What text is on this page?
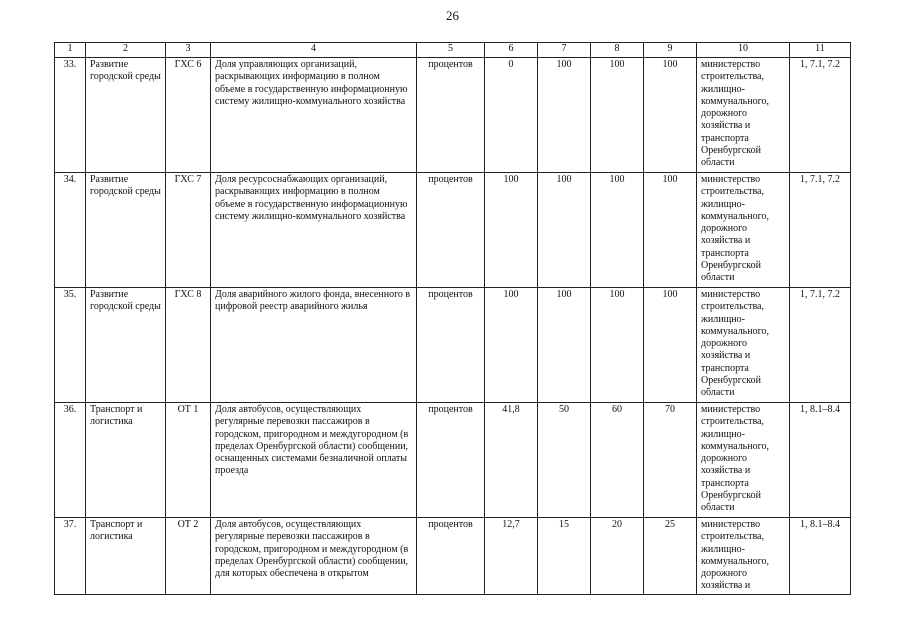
26
1	2	3	4	5	6	7	8	9	10	11
33.	Развитие городской среды	ГХС 6	Доля управляющих организаций, раскрывающих информацию в полном объеме в государственную информационную систему жилищно-коммунального хозяйства	процентов	0	100	100	100	министерство строительства, жилищно-коммунального, дорожного хозяйства и транспорта Оренбургской области	1, 7.1, 7.2
34.	Развитие городской среды	ГХС 7	Доля ресурсоснабжающих организаций, раскрывающих информацию в полном объеме в государственную информационную систему жилищно-коммунального хозяйства	процентов	100	100	100	100	министерство строительства, жилищно-коммунального, дорожного хозяйства и транспорта Оренбургской области	1, 7.1, 7.2
35.	Развитие городской среды	ГХС 8	Доля аварийного жилого фонда, внесенного в цифровой реестр аварийного жилья	процентов	100	100	100	100	министерство строительства, жилищно-коммунального, дорожного хозяйства и транспорта Оренбургской области	1, 7.1, 7.2
36.	Транспорт и логистика	ОТ 1	Доля автобусов, осуществляющих регулярные перевозки пассажиров в городском, пригородном и междугородном (в пределах Оренбургской области) сообщении, оснащенных системами безналичной оплаты проезда	процентов	41,8	50	60	70	министерство строительства, жилищно-коммунального, дорожного хозяйства и транспорта Оренбургской области	1, 8.1–8.4
37.	Транспорт и логистика	ОТ 2	Доля автобусов, осуществляющих регулярные перевозки пассажиров в городском, пригородном и междугородном (в пределах Оренбургской области) сообщении, для которых обеспечена в открытом	процентов	12,7	15	20	25	министерство строительства, жилищно-коммунального, дорожного хозяйства и	1, 8.1–8.4
